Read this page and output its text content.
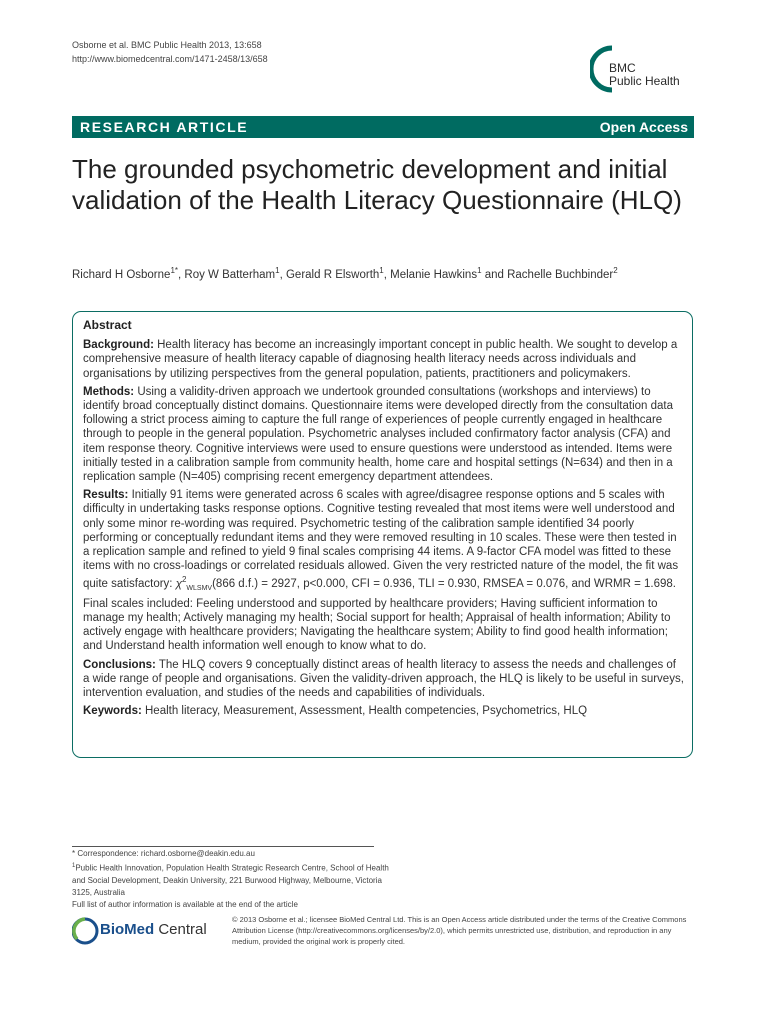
Osborne et al. BMC Public Health 2013, 13:658
http://www.biomedcentral.com/1471-2458/13/658
BMC
Public Health
RESEARCH ARTICLE	Open Access
The grounded psychometric development and initial validation of the Health Literacy Questionnaire (HLQ)
Richard H Osborne$^{1*}$, Roy W Batterham$^1$, Gerald R Elsworth$^1$, Melanie Hawkins$^1$ and Rachelle Buchbinder$^2$
Abstract

Background: Health literacy has become an increasingly important concept in public health. We sought to develop a comprehensive measure of health literacy capable of diagnosing health literacy needs across individuals and organisations by utilizing perspectives from the general population, patients, practitioners and policymakers.

Methods: Using a validity-driven approach we undertook grounded consultations (workshops and interviews) to identify broad conceptually distinct domains. Questionnaire items were developed directly from the consultation data following a strict process aiming to capture the full range of experiences of people currently engaged in healthcare through to people in the general population. Psychometric analyses included confirmatory factor analysis (CFA) and item response theory. Cognitive interviews were used to ensure questions were understood as intended. Items were initially tested in a calibration sample from community health, home care and hospital settings (N=634) and then in a replication sample (N=405) comprising recent emergency department attendees.

Results: Initially 91 items were generated across 6 scales with agree/disagree response options and 5 scales with difficulty in undertaking tasks response options. Cognitive testing revealed that most items were well understood and only some minor re-wording was required. Psychometric testing of the calibration sample identified 34 poorly performing or conceptually redundant items and they were removed resulting in 10 scales. These were then tested in a replication sample and refined to yield 9 final scales comprising 44 items. A 9-factor CFA model was fitted to these items with no cross-loadings or correlated residuals allowed. Given the very restricted nature of the model, the fit was quite satisfactory: $\chi^2_{WLSMV}(866$ d.f.) = 2927, p<0.000, CFI = 0.936, TLI = 0.930, RMSEA = 0.076, and WRMR = 1.698. Final scales included: Feeling understood and supported by healthcare providers; Having sufficient information to manage my health; Actively managing my health; Social support for health; Appraisal of health information; Ability to actively engage with healthcare providers; Navigating the healthcare system; Ability to find good health information; and Understand health information well enough to know what to do.

Conclusions: The HLQ covers 9 conceptually distinct areas of health literacy to assess the needs and challenges of a wide range of people and organisations. Given the validity-driven approach, the HLQ is likely to be useful in surveys, intervention evaluation, and studies of the needs and capabilities of individuals.

Keywords: Health literacy, Measurement, Assessment, Health competencies, Psychometrics, HLQ

* Correspondence: richard.osborne@deakin.edu.au
$^1$Public Health Innovation, Population Health Strategic Research Centre, School of Health and Social Development, Deakin University, 221 Burwood Highway, Melbourne, Victoria 3125, Australia
Full list of author information is available at the end of the article
BioMed Central
© 2013 Osborne et al.; licensee BioMed Central Ltd. This is an Open Access article distributed under the terms of the Creative Commons Attribution License (http://creativecommons.org/licenses/by/2.0), which permits unrestricted use, distribution, and reproduction in any medium, provided the original work is properly cited.
